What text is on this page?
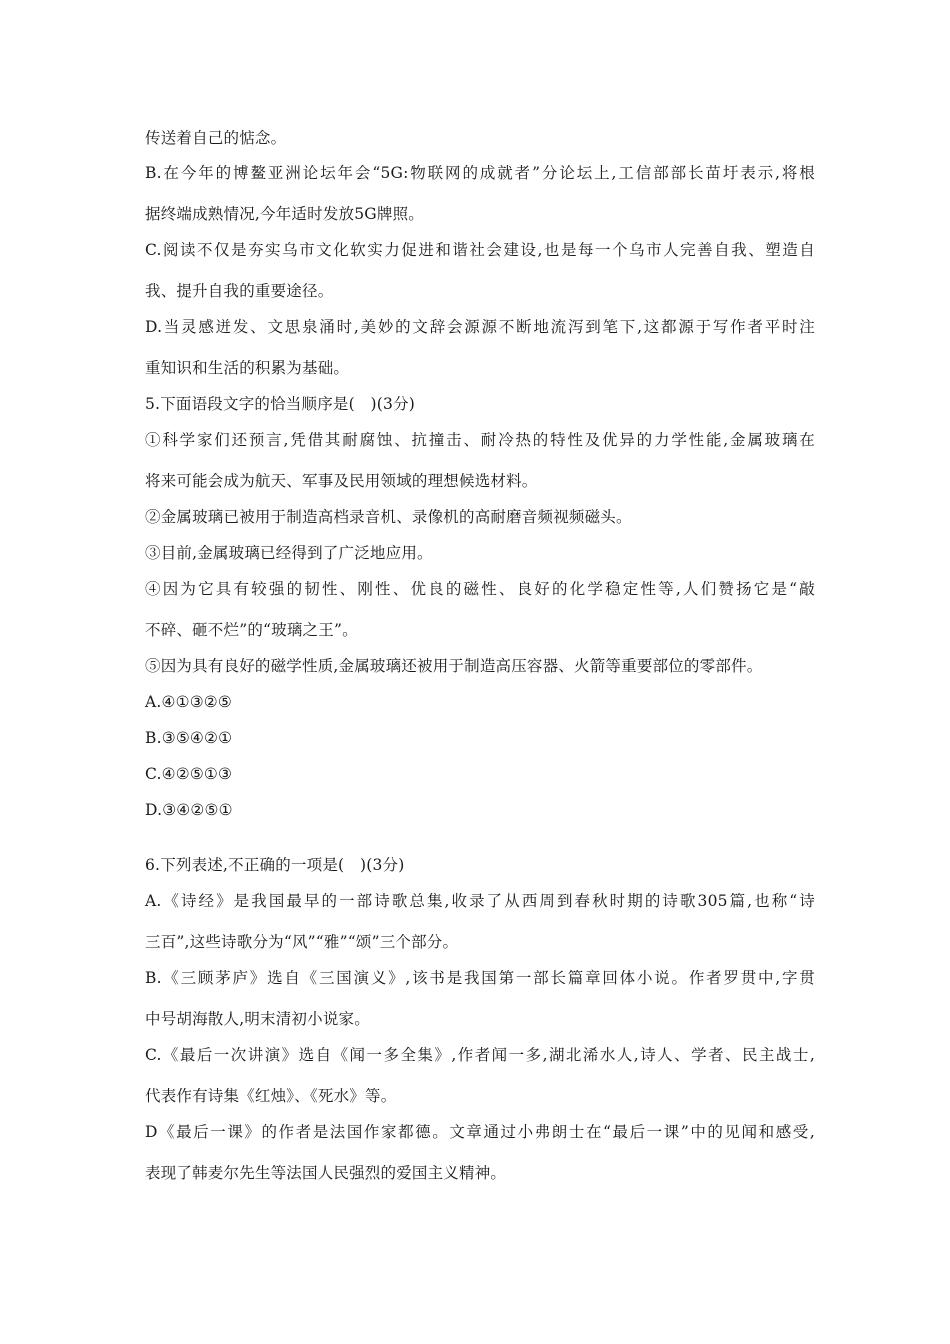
传送着自己的惦念。
B.在今年的博鳌亚洲论坛年会“5G:物联网的成就者”分论坛上,工信部部长苗圩表示,将根
据终端成熟情况,今年适时发放5G牌照。
C.阅读不仅是夯实乌市文化软实力促进和谐社会建设,也是每一个乌市人完善自我、塑造自
我、提升自我的重要途径。
D.当灵感迸发、文思泉涌时,美妙的文辞会源源不断地流泻到笔下,这都源于写作者平时注
重知识和生活的积累为基础。
5.下面语段文字的恰当顺序是(　)(3分)
①科学家们还预言,凭借其耐腐蚀、抗撞击、耐冷热的特性及优异的力学性能,金属玻璃在
将来可能会成为航天、军事及民用领域的理想候选材料。
②金属玻璃已被用于制造高档录音机、录像机的高耐磨音频视频磁头。
③目前,金属玻璃已经得到了广泛地应用。
④因为它具有较强的韧性、刚性、优良的磁性、良好的化学稳定性等,人们赞扬它是“敲
不碎、砸不烂”的“玻璃之王”。
⑤因为具有良好的磁学性质,金属玻璃还被用于制造高压容器、火箭等重要部位的零部件。
A.④①③②⑤
B.③⑤④②①
C.④②⑤①③
D.③④②⑤①
6.下列表述,不正确的一项是(　)(3分)
A.《诗经》是我国最早的一部诗歌总集,收录了从西周到春秋时期的诗歌305篇,也称“诗
三百”,这些诗歌分为“风”“雅”“颂”三个部分。
B.《三顾茅庐》选自《三国演义》,该书是我国第一部长篇章回体小说。作者罗贯中,字贯
中号胡海散人,明末清初小说家。
C.《最后一次讲演》选自《闻一多全集》,作者闻一多,湖北浠水人,诗人、学者、民主战士,
代表作有诗集《红烛》、《死水》等。
D《最后一课》的作者是法国作家都德。文章通过小弗朗士在“最后一课”中的见闻和感受,
表现了韩麦尔先生等法国人民强烈的爱国主义精神。
